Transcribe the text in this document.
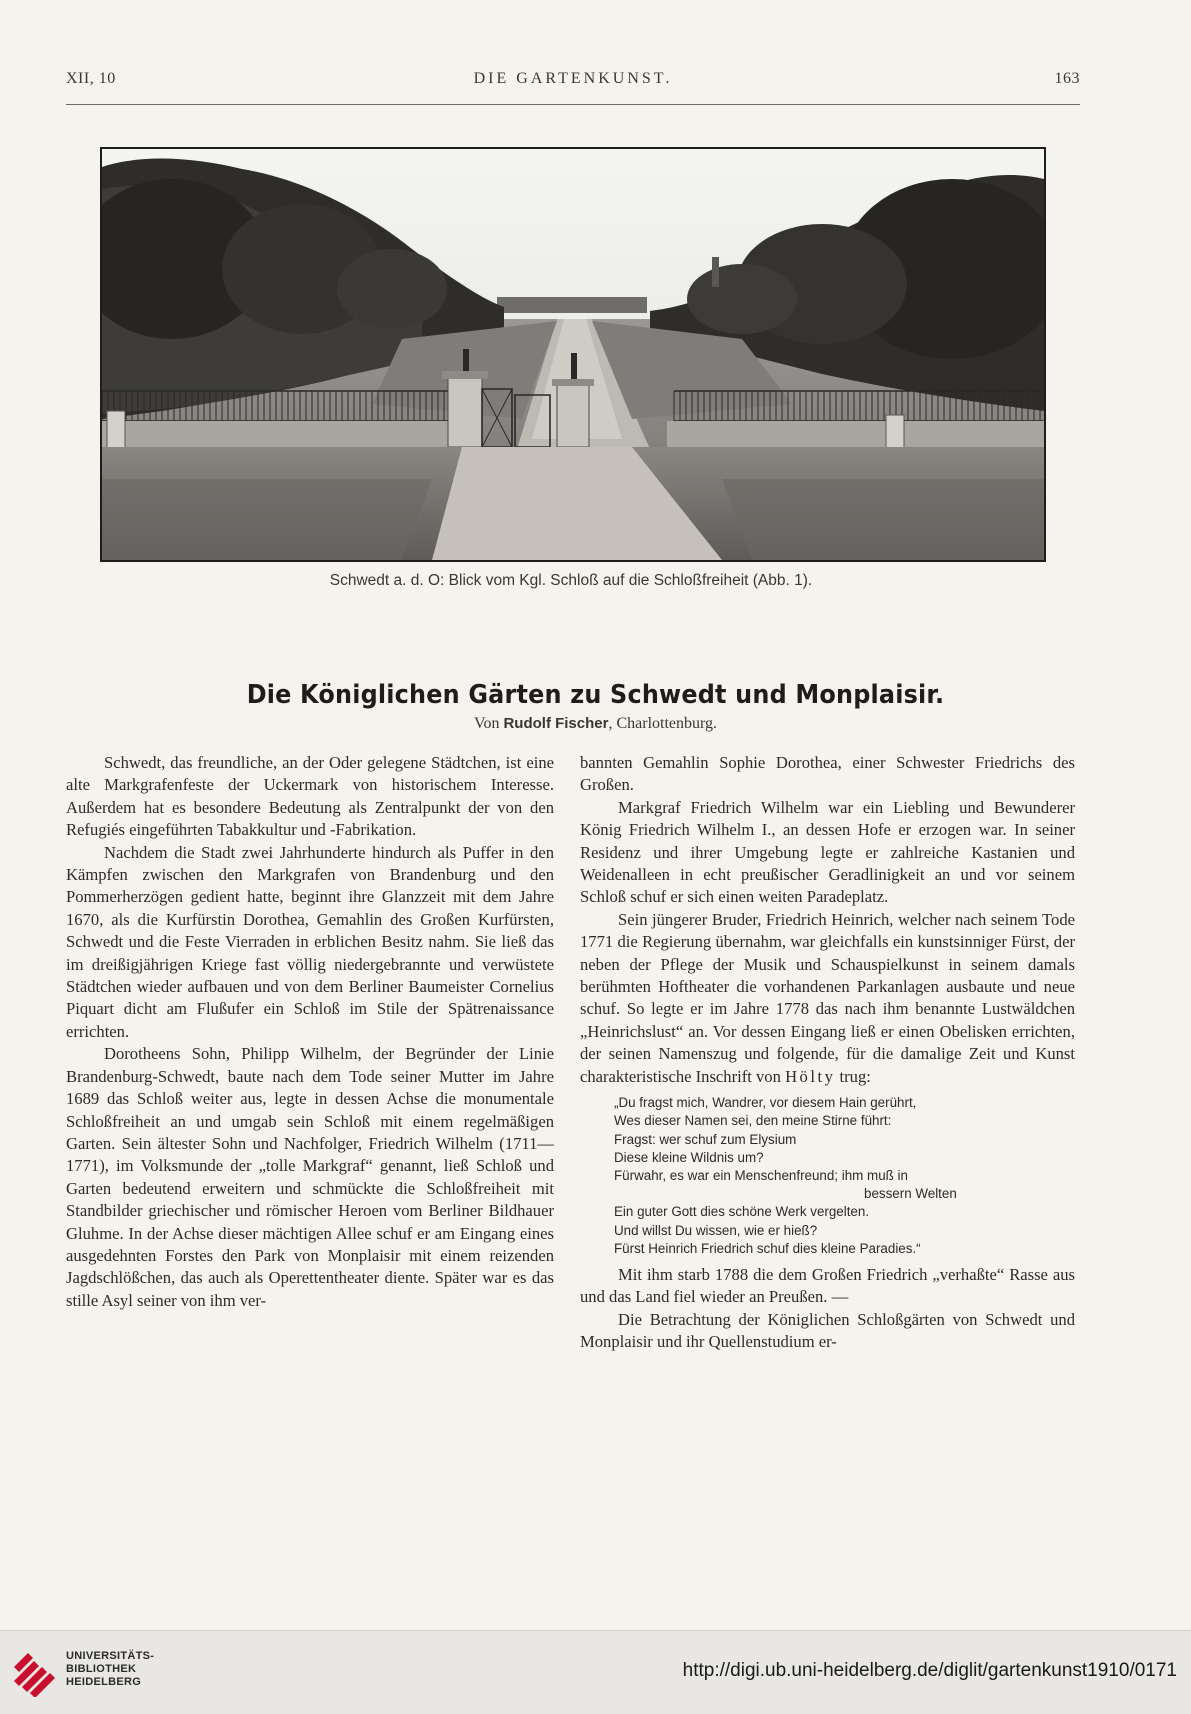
XII, 10	DIE GARTENKUNST.	163
Schwedt a. d. O: Blick vom Kgl. Schloß auf die Schloßfreiheit (Abb. 1).
Die Königlichen Gärten zu Schwedt und Monplaisir.
Von Rudolf Fischer, Charlottenburg.

Schwedt, das freundliche, an der Oder gelegene Städtchen, ist eine alte Markgrafenfeste der Uckermark von historischem Interesse. Außerdem hat es besondere Bedeutung als Zentralpunkt der von den Refugiés eingeführten Tabakkultur und -Fabrikation.

Nachdem die Stadt zwei Jahrhunderte hindurch als Puffer in den Kämpfen zwischen den Markgrafen von Brandenburg und den Pommerherzögen gedient hatte, beginnt ihre Glanzzeit mit dem Jahre 1670, als die Kurfürstin Dorothea, Gemahlin des Großen Kurfürsten, Schwedt und die Feste Vierraden in erblichen Besitz nahm. Sie ließ das im dreißigjährigen Kriege fast völlig niedergebrannte und verwüstete Städtchen wieder aufbauen und von dem Berliner Baumeister Cornelius Piquart dicht am Flußufer ein Schloß im Stile der Spätrenaissance errichten.

Dorotheens Sohn, Philipp Wilhelm, der Begründer der Linie Brandenburg-Schwedt, baute nach dem Tode seiner Mutter im Jahre 1689 das Schloß weiter aus, legte in dessen Achse die monumentale Schloßfreiheit an und umgab sein Schloß mit einem regelmäßigen Garten. Sein ältester Sohn und Nachfolger, Friedrich Wilhelm (1711—1771), im Volksmunde der „tolle Markgraf“ genannt, ließ Schloß und Garten bedeutend erweitern und schmückte die Schloßfreiheit mit Standbilder griechischer und römischer Heroen vom Berliner Bildhauer Gluhme. In der Achse dieser mächtigen Allee schuf er am Eingang eines ausgedehnten Forstes den Park von Monplaisir mit einem reizenden Jagdschlößchen, das auch als Operettentheater diente. Später war es das stille Asyl seiner von ihm ver-

bannten Gemahlin Sophie Dorothea, einer Schwester Friedrichs des Großen.

Markgraf Friedrich Wilhelm war ein Liebling und Bewunderer König Friedrich Wilhelm I., an dessen Hofe er erzogen war. In seiner Residenz und ihrer Umgebung legte er zahlreiche Kastanien und Weidenalleen in echt preußischer Geradlinigkeit an und vor seinem Schloß schuf er sich einen weiten Paradeplatz.

Sein jüngerer Bruder, Friedrich Heinrich, welcher nach seinem Tode 1771 die Regierung übernahm, war gleichfalls ein kunstsinniger Fürst, der neben der Pflege der Musik und Schauspielkunst in seinem damals berühmten Hoftheater die vorhandenen Parkanlagen ausbaute und neue schuf. So legte er im Jahre 1778 das nach ihm benannte Lustwäldchen „Heinrichslust“ an. Vor dessen Eingang ließ er einen Obelisken errichten, der seinen Namenszug und folgende, für die damalige Zeit und Kunst charakteristische Inschrift von Hölty trug:

„Du fragst mich, Wandrer, vor diesem Hain gerührt,
Wes dieser Namen sei, den meine Stirne führt:
Fragst: wer schuf zum Elysium
Diese kleine Wildnis um?
Fürwahr, es war ein Menschenfreund; ihm muß in
bessern Welten
Ein guter Gott dies schöne Werk vergelten.
Und willst Du wissen, wie er hieß?
Fürst Heinrich Friedrich schuf dies kleine Paradies.“

Mit ihm starb 1788 die dem Großen Friedrich „verhaßte“ Rasse aus und das Land fiel wieder an Preußen. —

Die Betrachtung der Königlichen Schloßgärten von Schwedt und Monplaisir und ihr Quellenstudium er-

UNIVERSITÄTS-
BIBLIOTHEK
HEIDELBERG
http://digi.ub.uni-heidelberg.de/diglit/gartenkunst1910/0171
